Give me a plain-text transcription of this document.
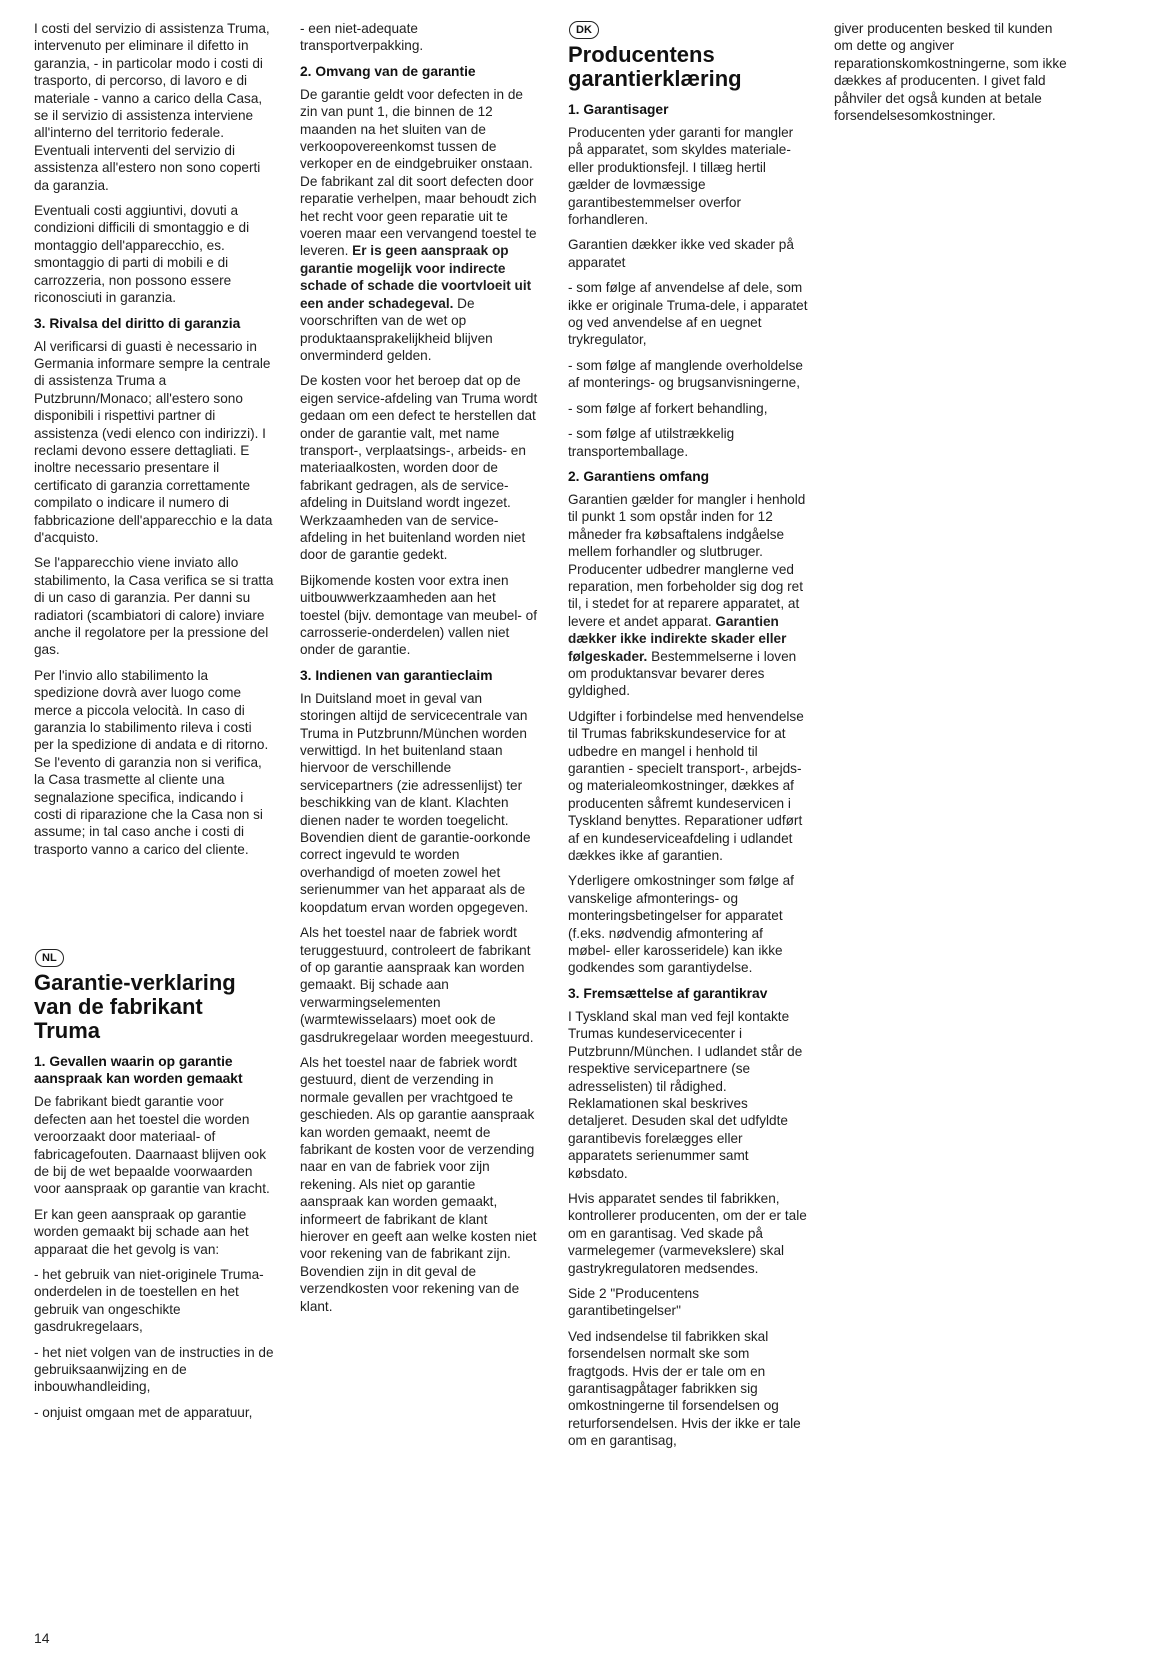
I costi del servizio di assistenza Truma, intervenuto per eliminare il difetto in garanzia, - in particolar modo i costi di trasporto, di percorso, di lavoro e di materiale - vanno a carico della Casa, se il servizio di assistenza interviene all'interno del territorio federale. Eventuali interventi del servizio di assistenza all'estero non sono coperti da garanzia.

Eventuali costi aggiuntivi, dovuti a condizioni difficili di smontaggio e di montaggio dell'apparecchio, es. smontaggio di parti di mobili e di carrozzeria, non possono essere riconosciuti in garanzia.

3. Rivalsa del diritto di garanzia

Al verificarsi di guasti è necessario in Germania informare sempre la centrale di assistenza Truma a Putzbrunn/Monaco; all'estero sono disponibili i rispettivi partner di assistenza (vedi elenco con indirizzi). I reclami devono essere dettagliati. E inoltre necessario presentare il certificato di garanzia correttamente compilato o indicare il numero di fabbricazione dell'apparecchio e la data d'acquisto.

Se l'apparecchio viene inviato allo stabilimento, la Casa verifica se si tratta di un caso di garanzia. Per danni su radiatori (scambiatori di calore) inviare anche il regolatore per la pressione del gas.

Per l'invio allo stabilimento la spedizione dovrà aver luogo come merce a piccola velocità. In caso di garanzia lo stabilimento rileva i costi per la spedizione di andata e di ritorno. Se l'evento di garanzia non si verifica, la Casa trasmette al cliente una segnalazione specifica, indicando i costi di riparazione che la Casa non si assume; in tal caso anche i costi di trasporto vanno a carico del cliente.

NL
Garantie-verklaring van de fabrikant Truma
1. Gevallen waarin op garantie aanspraak kan worden gemaakt

De fabrikant biedt garantie voor defecten aan het toestel die worden veroorzaakt door materiaal- of fabricagefouten. Daarnaast blijven ook de bij de wet bepaalde voorwaarden voor aanspraak op garantie van kracht.

Er kan geen aanspraak op garantie worden gemaakt bij schade aan het apparaat die het gevolg is van:

- het gebruik van niet-originele Truma-onderdelen in de toestellen en het gebruik van ongeschikte gasdrukregelaars,

- het niet volgen van de instructies in de gebruiksaanwijzing en de inbouwhandleiding,

- onjuist omgaan met de apparatuur,

- een niet-adequate transportverpakking.

2. Omvang van de garantie

De garantie geldt voor defecten in de zin van punt 1, die binnen de 12 maanden na het sluiten van de verkoopovereenkomst tussen de verkoper en de eindgebruiker onstaan. De fabrikant zal dit soort defecten door reparatie verhelpen, maar behoudt zich het recht voor geen reparatie uit te voeren maar een vervangend toestel te leveren. Er is geen aanspraak op garantie mogelijk voor indirecte schade of schade die voortvloeit uit een ander schadegeval. De voorschriften van de wet op produktaansprakelijkheid blijven onverminderd gelden.

De kosten voor het beroep dat op de eigen service-afdeling van Truma wordt gedaan om een defect te herstellen dat onder de garantie valt, met name transport-, verplaatsings-, arbeids- en materiaalkosten, worden door de fabrikant gedragen, als de service-afdeling in Duitsland wordt ingezet. Werkzaamheden van de service-afdeling in het buitenland worden niet door de garantie gedekt.

Bijkomende kosten voor extra inen uitbouwwerkzaamheden aan het toestel (bijv. demontage van meubel- of carrosserie-onderdelen) vallen niet onder de garantie.

3. Indienen van garantieclaim

In Duitsland moet in geval van storingen altijd de servicecentrale van Truma in Putzbrunn/München worden verwittigd. In het buitenland staan hiervoor de verschillende servicepartners (zie adressenlijst) ter beschikking van de klant. Klachten dienen nader te worden toegelicht. Bovendien dient de garantie-oorkonde correct ingevuld te worden overhandigd of moeten zowel het serienummer van het apparaat als de koopdatum ervan worden opgegeven.

Als het toestel naar de fabriek wordt teruggestuurd, controleert de fabrikant of op garantie aanspraak kan worden gemaakt. Bij schade aan verwarmingselementen (warmtewisselaars) moet ook de gasdrukregelaar worden meegestuurd.

Als het toestel naar de fabriek wordt gestuurd, dient de verzending in normale gevallen per vrachtgoed te geschieden. Als op garantie aanspraak kan worden gemaakt, neemt de fabrikant de kosten voor de verzending naar en van de fabriek voor zijn rekening. Als niet op garantie aanspraak kan worden gemaakt, informeert de fabrikant de klant hierover en geeft aan welke kosten niet voor rekening van de fabrikant zijn. Bovendien zijn in dit geval de verzendkosten voor rekening van de klant.

DK
Producentens garantierklæring
1. Garantisager

Producenten yder garanti for mangler på apparatet, som skyldes materiale- eller produktionsfejl. I tillæg hertil gælder de lovmæssige garantibestemmelser overfor forhandleren.

Garantien dækker ikke ved skader på apparatet

- som følge af anvendelse af dele, som ikke er originale Truma-dele, i apparatet og ved anvendelse af en uegnet trykregulator,

- som følge af manglende overholdelse af monterings- og brugsanvisningerne,

- som følge af forkert behandling,

- som følge af utilstrækkelig transportemballage.

2. Garantiens omfang

Garantien gælder for mangler i henhold til punkt 1 som opstår inden for 12 måneder fra købsaftalens indgåelse mellem forhandler og slutbruger. Producenter udbedrer manglerne ved reparation, men forbeholder sig dog ret til, i stedet for at reparere apparatet, at levere et andet apparat. Garantien dækker ikke indirekte skader eller følgeskader. Bestemmelserne i loven om produktansvar bevarer deres gyldighed.

Udgifter i forbindelse med henvendelse til Trumas fabrikskundeservice for at udbedre en mangel i henhold til garantien - specielt transport-, arbejds- og materialeomkostninger, dækkes af producenten såfremt kundeservicen i Tyskland benyttes. Reparationer udført af en kundeserviceafdeling i udlandet dækkes ikke af garantien.

Yderligere omkostninger som følge af vanskelige afmonterings- og monteringsbetingelser for apparatet (f.eks. nødvendig afmontering af møbel- eller karosseridele) kan ikke godkendes som garantiydelse.

3. Fremsættelse af garantikrav

I Tyskland skal man ved fejl kontakte Trumas kundeservicecenter i Putzbrunn/München. I udlandet står de respektive servicepartnere (se adresselisten) til rådighed. Reklamationen skal beskrives detaljeret. Desuden skal det udfyldte garantibevis forelægges eller apparatets serienummer samt købsdato.

Hvis apparatet sendes til fabrikken, kontrollerer producenten, om der er tale om en garantisag. Ved skade på varmelegemer (varmevekslere) skal gastrykregulatoren medsendes.

Side 2 "Producentens garantibetingelser"

Ved indsendelse til fabrikken skal forsendelsen normalt ske som fragtgods. Hvis der er tale om en garantisagpåtager fabrikken sig omkostningerne til forsendelsen og returforsendelsen. Hvis der ikke er tale om en garantisag,

giver producenten besked til kunden om dette og angiver reparationskomkostningerne, som ikke dækkes af producenten. I givet fald påhviler det også kunden at betale forsendelsesomkostninger.

14
